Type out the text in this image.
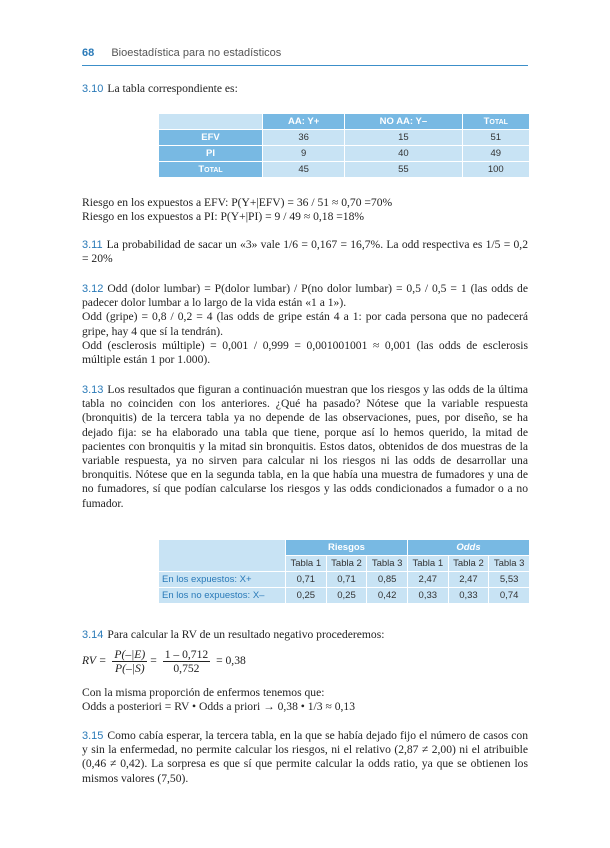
68 Bioestadística para no estadísticos
3.10 La tabla correspondiente es:
	AA: Y+	NO AA: Y–	Total
EFV	36	15	51
PI	9	40	49
Total	45	55	100

Riesgo en los expuestos a EFV: P(Y+|EFV) = 36 / 51 ≈ 0,70 =70%

Riesgo en los expuestos a PI: P(Y+|PI) = 9 / 49 ≈ 0,18 =18%

3.11 La probabilidad de sacar un «3» vale 1/6 = 0,167 = 16,7%. La odd respectiva es 1/5 = 0,2 = 20%

3.12 Odd (dolor lumbar) = P(dolor lumbar) / P(no dolor lumbar) = 0,5 / 0,5 = 1 (las odds de padecer dolor lumbar a lo largo de la vida están «1 a 1»).

Odd (gripe) = 0,8 / 0,2 = 4 (las odds de gripe están 4 a 1: por cada persona que no padecerá gripe, hay 4 que sí la tendrán).

Odd (esclerosis múltiple) = 0,001 / 0,999 = 0,001001001 ≈ 0,001 (las odds de esclerosis múltiple están 1 por 1.000).

3.13 Los resultados que figuran a continuación muestran que los riesgos y las odds de la última tabla no coinciden con los anteriores. ¿Qué ha pasado? Nótese que la variable respuesta (bronquitis) de la tercera tabla ya no depende de las observaciones, pues, por diseño, se ha dejado fija: se ha elaborado una tabla que tiene, porque así lo hemos querido, la mitad de pacientes con bronquitis y la mitad sin bronquitis. Estos datos, obtenidos de dos muestras de la variable respuesta, ya no sirven para calcular ni los riesgos ni las odds de desarrollar una bronquitis. Nótese que en la segunda tabla, en la que había una muestra de fumadores y una de no fumadores, sí que podían calcularse los riesgos y las odds condicionados a fumador o a no fumador.
	Riesgos			Odds		
	Tabla 1	Tabla 2	Tabla 3	Tabla 1	Tabla 2	Tabla 3
En los expuestos: X+	0,71	0,71	0,85	2,47	2,47	5,53
En los no expuestos: X–	0,25	0,25	0,42	0,33	0,33	0,74
3.14 Para calcular la RV de un resultado negativo procederemos:
RV = $\frac{P(-|E)}{P(-|S)} = \frac{1 - 0,712}{0,752} = 0,38$

Con la misma proporción de enfermos tenemos que:

Odds a posteriori = RV • Odds a priori → 0,38 • 1/3 ≈ 0,13

3.15 Como cabía esperar, la tercera tabla, en la que se había dejado fijo el número de casos con y sin la enfermedad, no permite calcular los riesgos, ni el relativo (2,87 ≠ 2,00) ni el atribuible (0,46 ≠ 0,42). La sorpresa es que sí que permite calcular la odds ratio, ya que se obtienen los mismos valores (7,50).
